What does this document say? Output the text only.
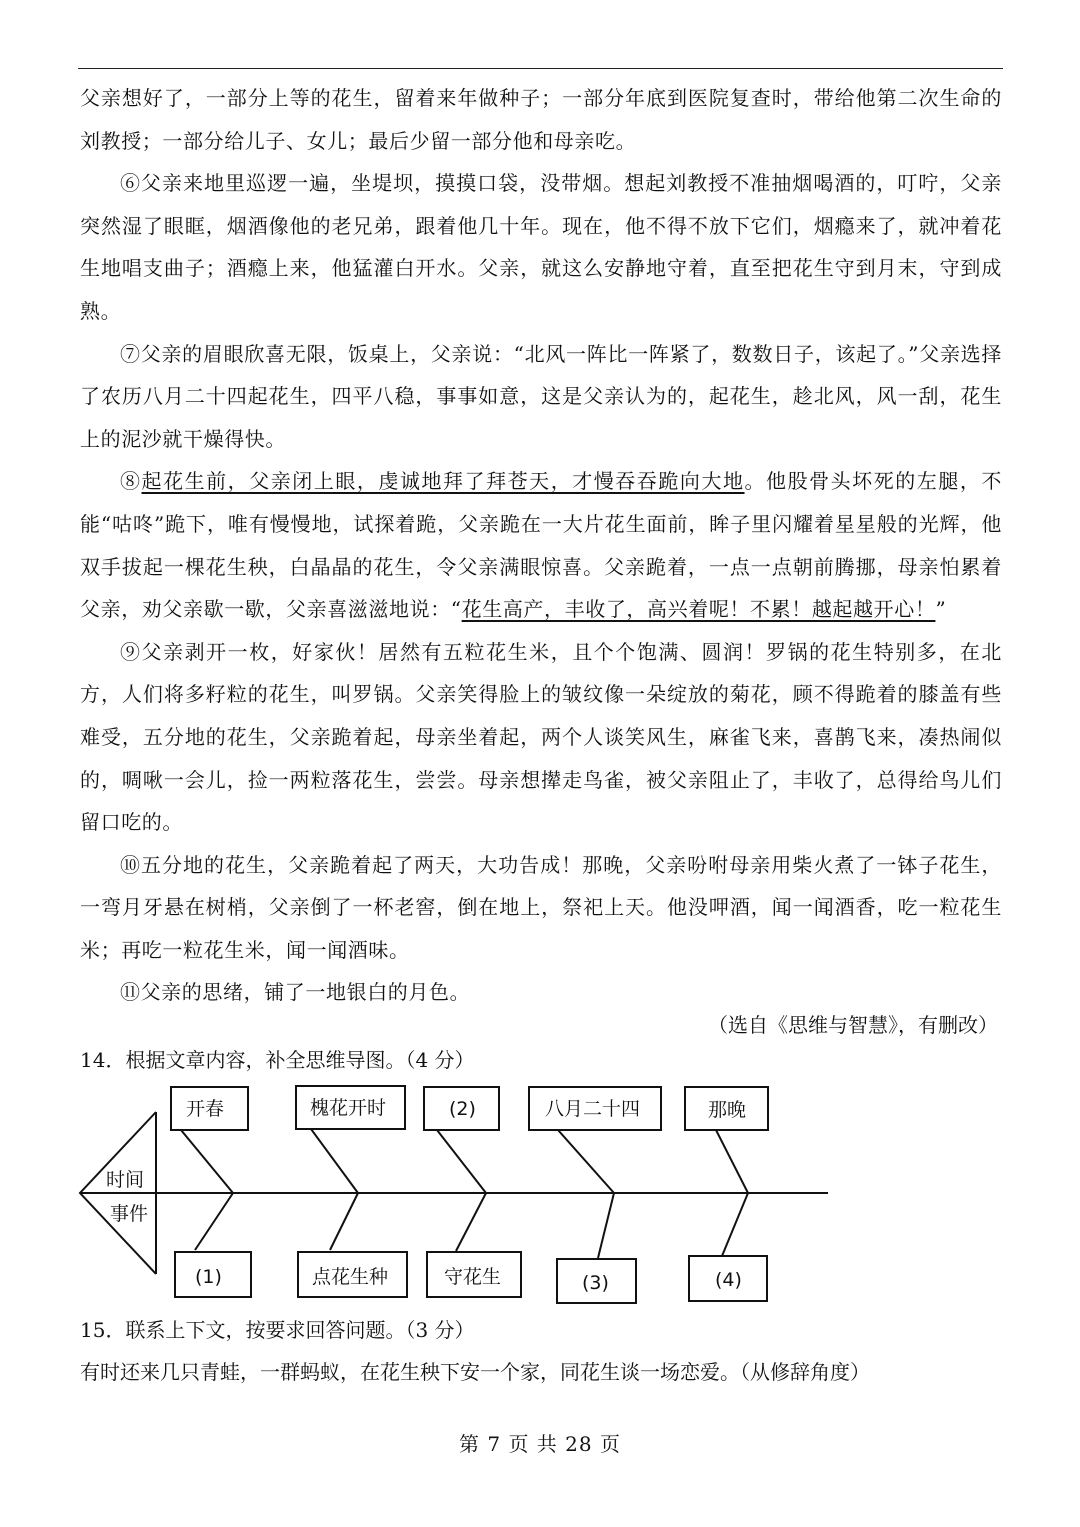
父亲想好了，一部分上等的花生，留着来年做种子；一部分年底到医院复查时，带给他第二次生命的刘教授；一部分给儿子、女儿；最后少留一部分他和母亲吃。
⑥父亲来地里巡逻一遍，坐堤坝，摸摸口袋，没带烟。想起刘教授不准抽烟喝酒的，叮咛，父亲突然湿了眼眶，烟酒像他的老兄弟，跟着他几十年。现在，他不得不放下它们，烟瘾来了，就冲着花生地唱支曲子；酒瘾上来，他猛灌白开水。父亲，就这么安静地守着，直至把花生守到月末，守到成熟。
⑦父亲的眉眼欣喜无限，饭桌上，父亲说：“北风一阵比一阵紧了，数数日子，该起了。”父亲选择了农历八月二十四起花生，四平八稳，事事如意，这是父亲认为的，起花生，趁北风，风一刮，花生上的泥沙就干燥得快。
⑧起花生前，父亲闭上眼，虔诚地拜了拜苍天，才慢吞吞跪向大地。他股骨头坏死的左腿，不能“咕咚”跪下，唯有慢慢地，试探着跪，父亲跪在一大片花生面前，眸子里闪耀着星星般的光辉，他双手拔起一棵花生秧，白晶晶的花生，令父亲满眼惊喜。父亲跪着，一点一点朝前腾挪，母亲怕累着父亲，劝父亲歇一歇，父亲喜滋滋地说：“花生高产，丰收了，高兴着呢！不累！越起越开心！”
⑨父亲剥开一枚，好家伙！居然有五粒花生米，且个个饱满、圆润！罗锅的花生特别多，在北方，人们将多籽粒的花生，叫罗锅。父亲笑得脸上的皱纹像一朵绽放的菊花，顾不得跪着的膝盖有些难受，五分地的花生，父亲跪着起，母亲坐着起，两个人谈笑风生，麻雀飞来，喜鹊飞来，凑热闹似的，啁啾一会儿，捡一两粒落花生，尝尝。母亲想撵走鸟雀，被父亲阻止了，丰收了，总得给鸟儿们留口吃的。
⑩五分地的花生，父亲跪着起了两天，大功告成！那晚，父亲吩咐母亲用柴火煮了一钵子花生，一弯月牙悬在树梢，父亲倒了一杯老窖，倒在地上，祭祀上天。他没呷酒，闻一闻酒香，吃一粒花生米；再吃一粒花生米，闻一闻酒味。
⑪父亲的思绪，铺了一地银白的月色。
（选自《思维与智慧》，有删改）
14．根据文章内容，补全思维导图。（4 分）
时间
事件
开春	槐花开时	(2)	八月二十四	那晚
(1)	点花生种	守花生	(3)	(4)
15．联系上下文，按要求回答问题。（3 分）
有时还来几只青蛙，一群蚂蚁，在花生秧下安一个家，同花生谈一场恋爱。（从修辞角度）
第 7 页 共 28 页
